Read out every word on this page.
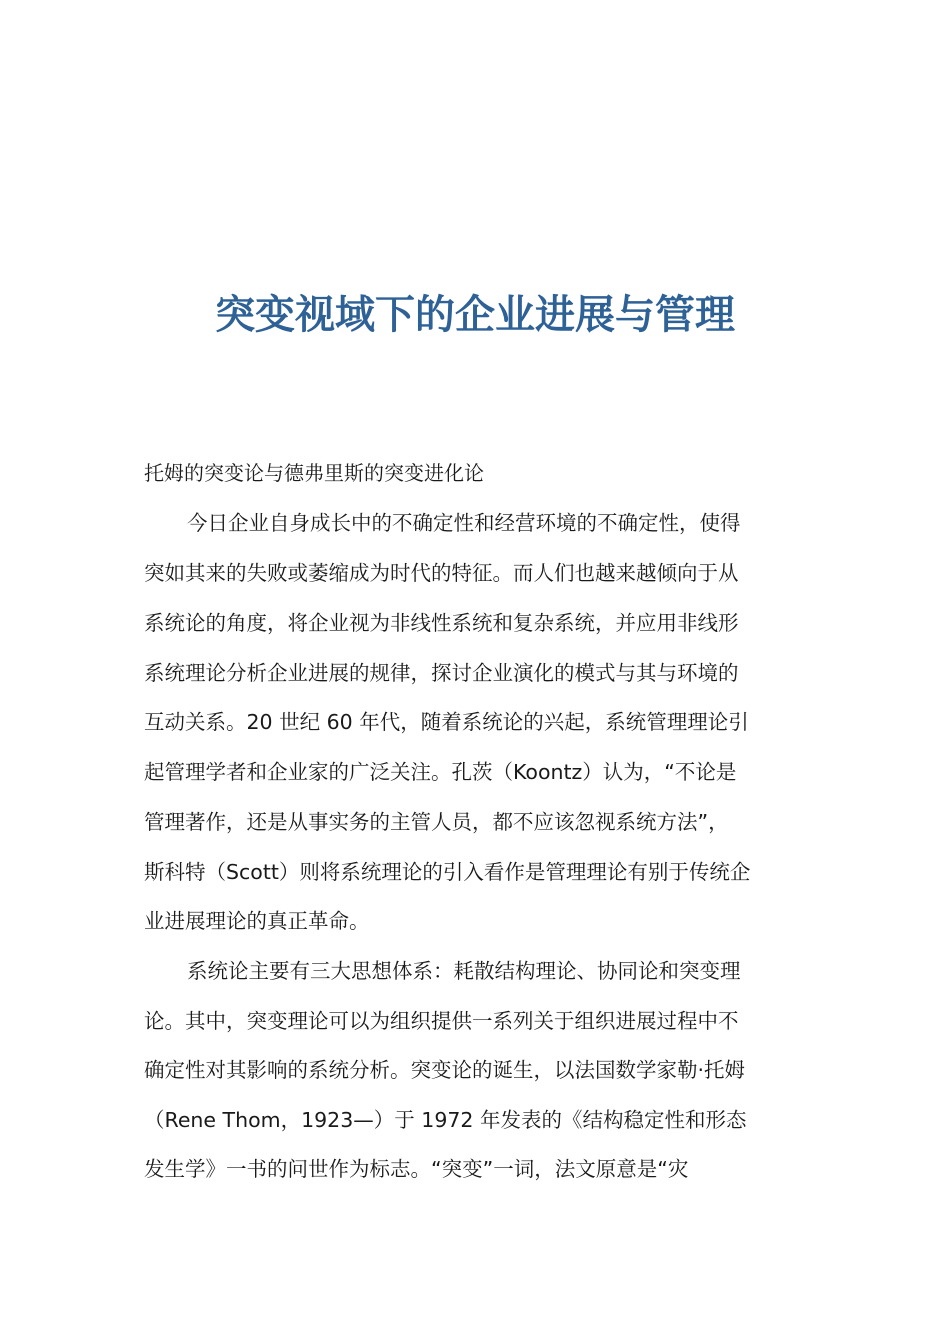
突变视域下的企业进展与管理
托姆的突变论与德弗里斯的突变进化论

今日企业自身成长中的不确定性和经营环境的不确定性，使得

突如其来的失败或萎缩成为时代的特征。而人们也越来越倾向于从

系统论的角度，将企业视为非线性系统和复杂系统，并应用非线形

系统理论分析企业进展的规律，探讨企业演化的模式与其与环境的

互动关系。20 世纪 60 年代，随着系统论的兴起，系统管理理论引

起管理学者和企业家的广泛关注。孔茨（Koontz）认为，“不论是

管理著作，还是从事实务的主管人员，都不应该忽视系统方法”，

斯科特（Scott）则将系统理论的引入看作是管理理论有别于传统企

业进展理论的真正革命。

系统论主要有三大思想体系：耗散结构理论、协同论和突变理

论。其中，突变理论可以为组织提供一系列关于组织进展过程中不

确定性对其影响的系统分析。突变论的诞生，以法国数学家勒·托姆

（Rene Thom，1923—）于 1972 年发表的《结构稳定性和形态

发生学》一书的问世作为标志。“突变”一词，法文原意是“灾
